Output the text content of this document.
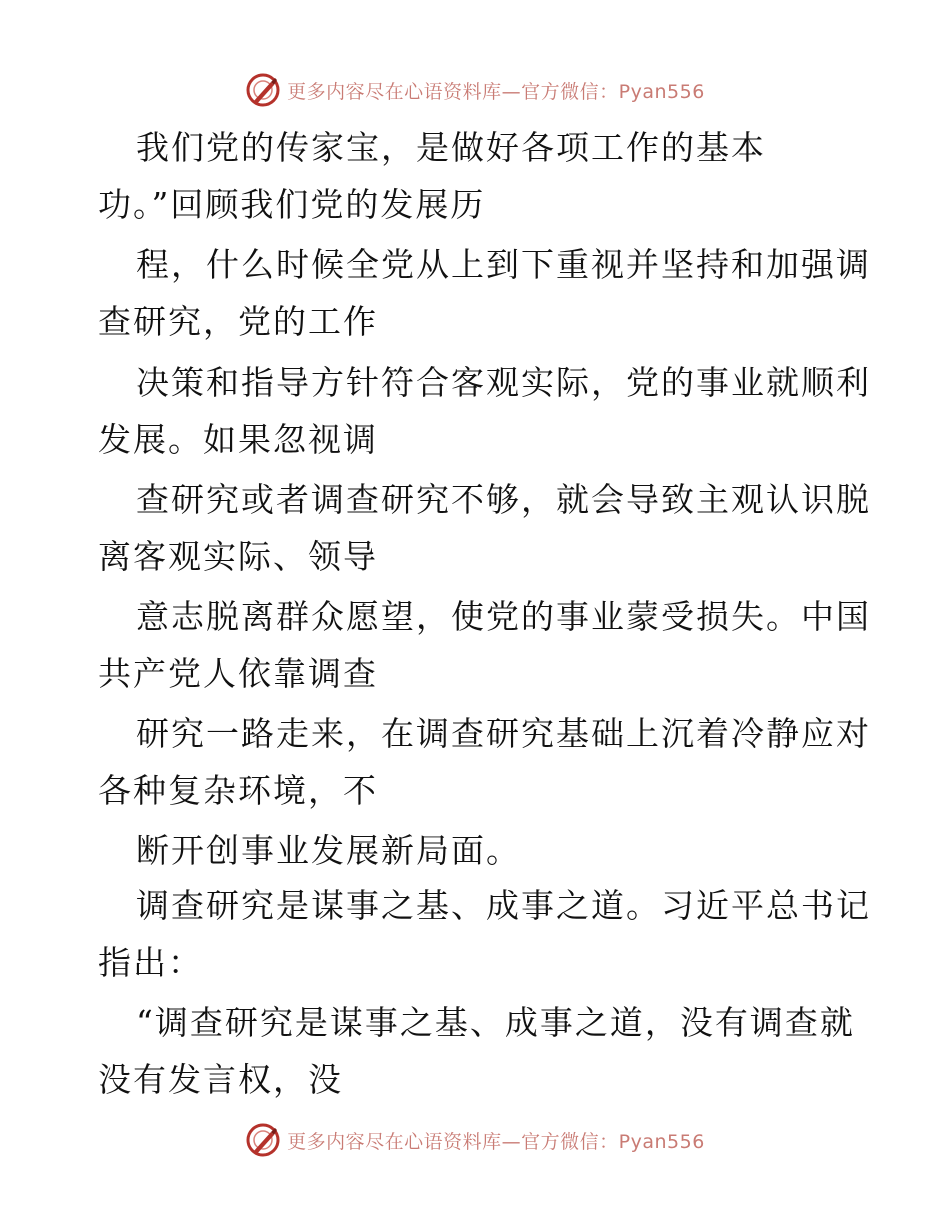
更多内容尽在心语资料库—官方微信：Pyan556
我们党的传家宝，是做好各项工作的基本
功。”回顾我们党的发展历
程，什么时候全党从上到下重视并坚持和加强调
查研究，党的工作
决策和指导方针符合客观实际，党的事业就顺利
发展。如果忽视调
查研究或者调查研究不够，就会导致主观认识脱
离客观实际、领导
意志脱离群众愿望，使党的事业蒙受损失。中国
共产党人依靠调查
研究一路走来，在调查研究基础上沉着冷静应对
各种复杂环境，不
断开创事业发展新局面。
调查研究是谋事之基、成事之道。习近平总书记
指出：
“调查研究是谋事之基、成事之道，没有调查就
没有发言权，没
更多内容尽在心语资料库—官方微信：Pyan556
